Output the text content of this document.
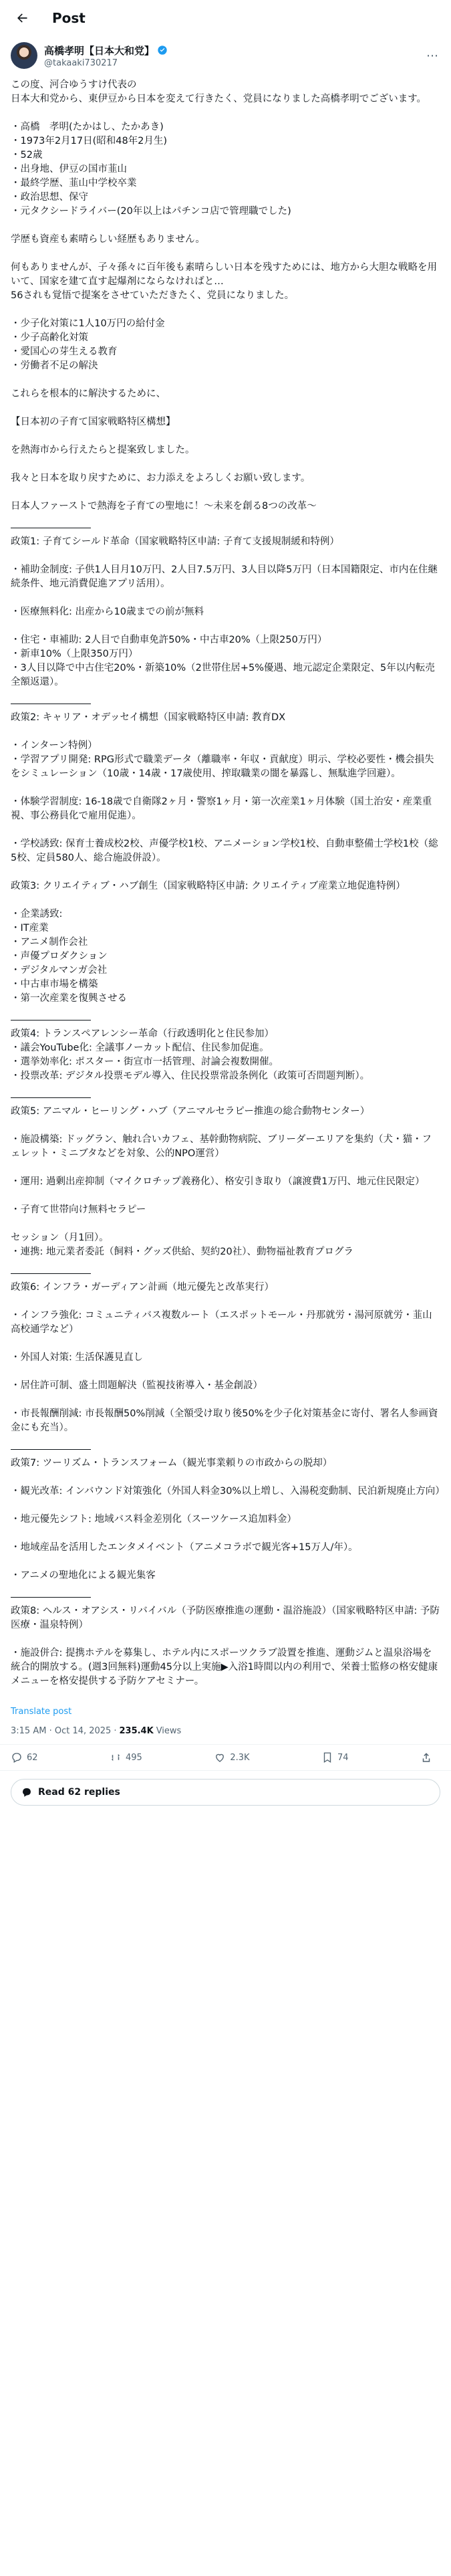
Post
高橋孝明【日本大和党】
@takaaki730217
⋯
この度、河合ゆうすけ代表の
日本大和党から、東伊豆から日本を変えて行きたく、党員になりました高橋孝明でございます。
・高橋　孝明(たかはし、たかあき)
・1973年2月17日(昭和48年2月生)
・52歳
・出身地、伊豆の国市韮山
・最終学歴、韮山中学校卒業
・政治思想、保守
・元タクシードライバー(20年以上はパチンコ店で管理職でした)
学歴も資産も素晴らしい経歴もありません。
何もありませんが、子々孫々に百年後も素晴らしい日本を残すためには、地方から大胆な戦略を用いて、国家を建て直す起爆剤にならなければと…
56されも覚悟で提案をさせていただきたく、党員になりました。
・少子化対策に1人10万円の給付金
・少子高齢化対策
・愛国心の芽生える教育
・労働者不足の解決
これらを根本的に解決するために、
【日本初の子育て国家戦略特区構想】
を熱海市から行えたらと提案致しました。
我々と日本を取り戻すために、お力添えをよろしくお願い致します。
日本人ファーストで熱海を子育ての聖地に！〜未来を創る8つの改革〜
政策1: 子育てシールド革命（国家戦略特区申請: 子育て支援規制緩和特例）
・補助金制度: 子供1人目月10万円、2人目7.5万円、3人目以降5万円（日本国籍限定、市内在住継続条件、地元消費促進アプリ活用）。
・医療無料化: 出産から10歳までの前が無料
・住宅・車補助: 2人目で自動車免許50%・中古車20%（上限250万円）
・新車10%（上限350万円）
・3人目以降で中古住宅20%・新築10%（2世帯住居+5%優遇、地元認定企業限定、5年以内転売全額返還）。
政策2: キャリア・オデッセイ構想（国家戦略特区申請: 教育DX
・インターン特例）
・学習アプリ開発: RPG形式で職業データ（離職率・年収・貢献度）明示、学校必要性・機会損失をシミュレーション（10歳・14歳・17歳使用、搾取職業の闇を暴露し、無駄進学回避）。
・体験学習制度: 16-18歳で自衛隊2ヶ月・警察1ヶ月・第一次産業1ヶ月体験（国土治安・産業重視、事公務員化で雇用促進）。
・学校誘致: 保育士養成校2校、声優学校1校、アニメーション学校1校、自動車整備士学校1校（総5校、定員580人、総合施設併設）。
政策3: クリエイティブ・ハブ創生（国家戦略特区申請: クリエイティブ産業立地促進特例）
・企業誘致:
・IT産業
・アニメ制作会社
・声優プロダクション
・デジタルマンガ会社
・中古車市場を構築
・第一次産業を復興させる
政策4: トランスペアレンシー革命（行政透明化と住民参加）
・議会YouTube化: 全議事ノーカット配信、住民参加促進。
・選挙効率化: ポスター・街宣市一括管理、討論会複数開催。
・投票改革: デジタル投票モデル導入、住民投票常設条例化（政策可否問题判断）。
政策5: アニマル・ヒーリング・ハブ（アニマルセラピー推進の総合動物センター）
・施設構築: ドッグラン、触れ合いカフェ、基幹動物病院、ブリーダーエリアを集約（犬・猫・フェレット・ミニブタなどを対象、公的NPO運営）
・運用: 過剰出産抑制（マイクロチップ義務化）、格安引き取り（譲渡費1万円、地元住民限定）
・子育て世帯向け無料セラピー
セッション（月1回）。
・連携: 地元業者委託（飼料・グッズ供給、契約20社）、動物福祉教育プログラ
政策6: インフラ・ガーディアン計画（地元優先と改革実行）
・インフラ強化: コミュニティバス複数ルート（エスポットモール・丹那就労・湯河原就労・韮山高校通学など）
・外国人対策: 生活保護見直し
・居住許可制、盛土問題解決（監視技術導入・基金創設）
・市長報酬削減: 市長報酬50%削減（全額受け取り後50%を少子化対策基金に寄付、署名人参画資金にも充当）。
政策7: ツーリズム・トランスフォーム（観光事業頼りの市政からの脱却）
・観光改革: インバウンド対策強化（外国人料金30%以上増し、入湯税変動制、民泊新規廃止方向）
・地元優先シフト: 地域バス料金差別化（スーツケース追加料金）
・地域産品を活用したエンタメイベント（アニメコラボで観光客+15万人/年）。
・アニメの聖地化による観光集客
政策8: ヘルス・オアシス・リバイバル（予防医療推進の運動・温浴施設）（国家戦略特区申請: 予防医療・温泉特例）
・施設併合: 提携ホテルを募集し、ホテル内にスポーツクラブ設置を推進、運動ジムと温泉浴場を統合的開放する。(週3回無料)運動45分以上実施▶入浴1時間以内の利用で、栄養士監修の格安健康メニューを格安提供する予防ケアセミナー。
Translate post
3:15 AM · Oct 14, 2025 · 235.4K Views
62	495	2.3K	74
Read 62 replies
